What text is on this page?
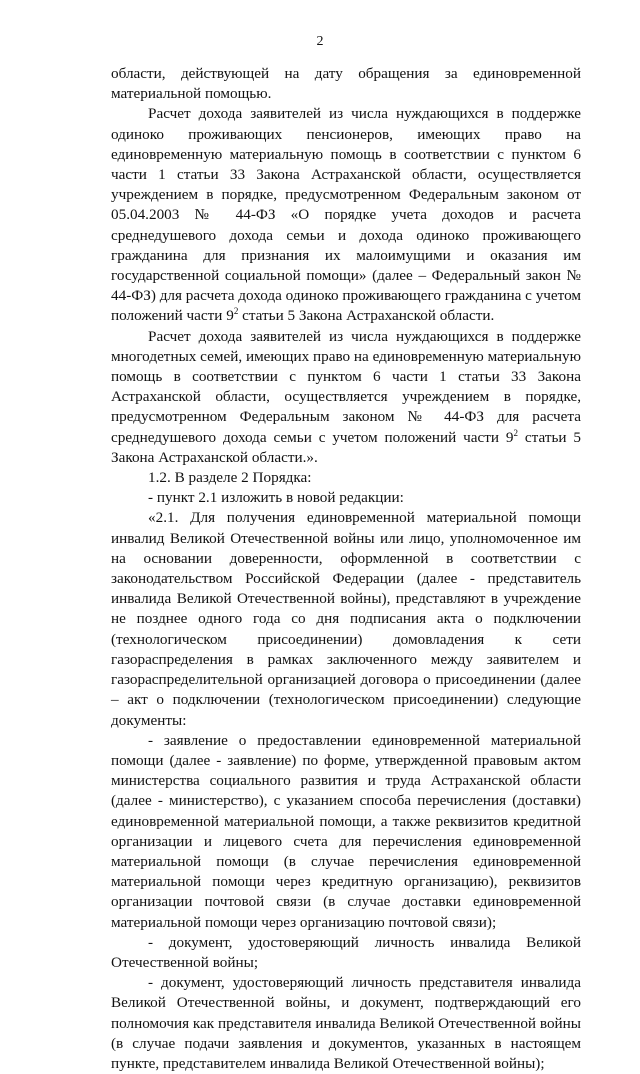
2

области, действующей на дату обращения за единовременной материальной помощью.

Расчет дохода заявителей из числа нуждающихся в поддержке одиноко проживающих пенсионеров, имеющих право на единовременную материальную помощь в соответствии с пунктом 6 части 1 статьи 33 Закона Астраханской области, осуществляется учреждением в порядке, предусмотренном Федеральным законом от 05.04.2003 № 44-ФЗ «О порядке учета доходов и расчета среднедушевого дохода семьи и дохода одиноко проживающего гражданина для признания их малоимущими и оказания им государственной социальной помощи» (далее – Федеральный закон № 44-ФЗ) для расчета дохода одиноко проживающего гражданина с учетом положений части $9^2$ статьи 5 Закона Астраханской области.

Расчет дохода заявителей из числа нуждающихся в поддержке многодетных семей, имеющих право на единовременную материальную помощь в соответствии с пунктом 6 части 1 статьи 33 Закона Астраханской области, осуществляется учреждением в порядке, предусмотренном Федеральным законом № 44-ФЗ для расчета среднедушевого дохода семьи с учетом положений части $9^2$ статьи 5 Закона Астраханской области.».

1.2. В разделе 2 Порядка:

- пункт 2.1 изложить в новой редакции:

«2.1. Для получения единовременной материальной помощи инвалид Великой Отечественной войны или лицо, уполномоченное им на основании доверенности, оформленной в соответствии с законодательством Российской Федерации (далее - представитель инвалида Великой Отечественной войны), представляют в учреждение не позднее одного года со дня подписания акта о подключении (технологическом присоединении) домовладения к сети газораспределения в рамках заключенного между заявителем и газораспределительной организацией договора о присоединении (далее – акт о подключении (технологическом присоединении) следующие документы:

- заявление о предоставлении единовременной материальной помощи (далее - заявление) по форме, утвержденной правовым актом министерства социального развития и труда Астраханской области (далее - министерство), с указанием способа перечисления (доставки) единовременной материальной помощи, а также реквизитов кредитной организации и лицевого счета для перечисления единовременной материальной помощи (в случае перечисления единовременной материальной помощи через кредитную организацию), реквизитов организации почтовой связи (в случае доставки единовременной материальной помощи через организацию почтовой связи);

- документ, удостоверяющий личность инвалида Великой Отечественной войны;

- документ, удостоверяющий личность представителя инвалида Великой Отечественной войны, и документ, подтверждающий его полномочия как представителя инвалида Великой Отечественной войны (в случае подачи заявления и документов, указанных в настоящем пункте, представителем инвалида Великой Отечественной войны);
